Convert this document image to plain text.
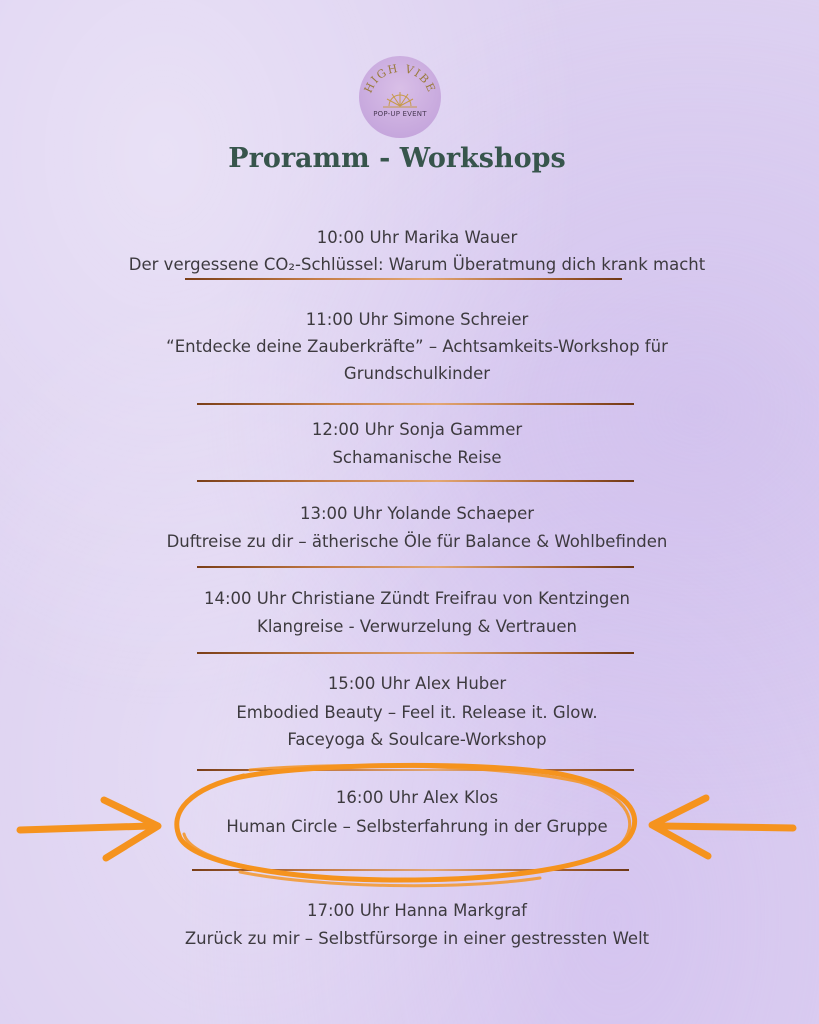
HIGH VIBE
POP-UP EVENT
Proramm - Workshops
10:00 Uhr Marika Wauer
Der vergessene CO₂-Schlüssel: Warum Überatmung dich krank macht
11:00 Uhr Simone Schreier
“Entdecke deine Zauberkräfte” – Achtsamkeits-Workshop für
Grundschulkinder
12:00 Uhr Sonja Gammer
Schamanische Reise
13:00 Uhr Yolande Schaeper
Duftreise zu dir – ätherische Öle für Balance & Wohlbefinden
14:00 Uhr Christiane Zündt Freifrau von Kentzingen
Klangreise - Verwurzelung & Vertrauen
15:00 Uhr Alex Huber
Embodied Beauty – Feel it. Release it. Glow.
Faceyoga & Soulcare-Workshop
16:00 Uhr Alex Klos
Human Circle – Selbsterfahrung in der Gruppe
17:00 Uhr Hanna Markgraf
Zurück zu mir – Selbstfürsorge in einer gestressten Welt
